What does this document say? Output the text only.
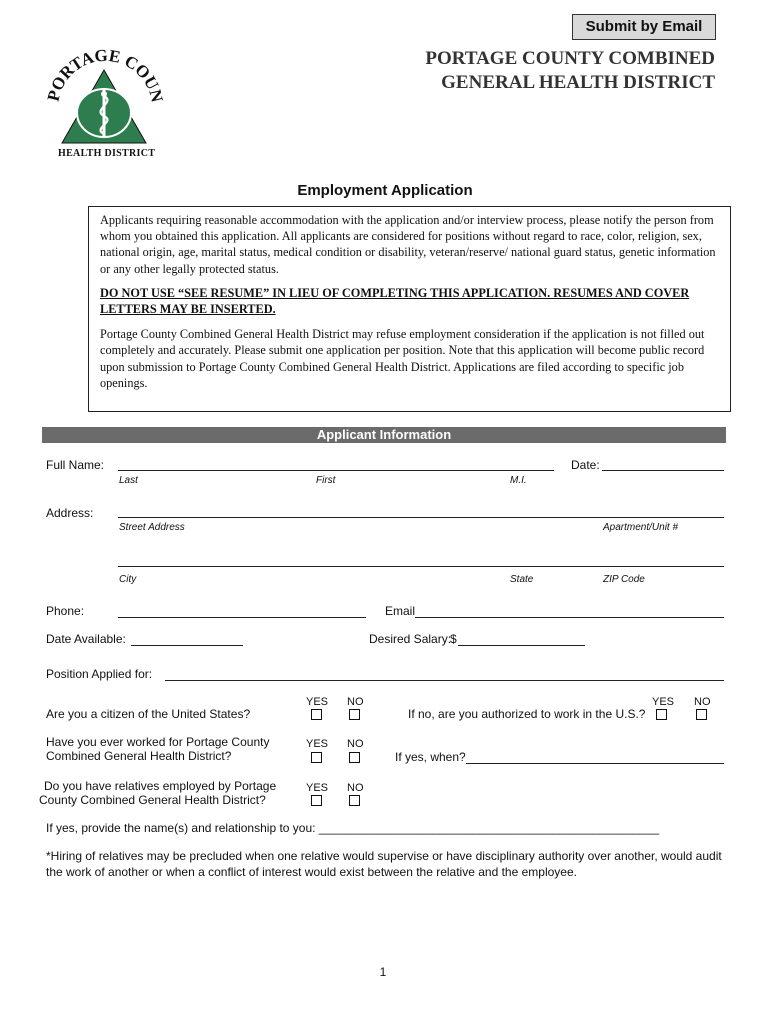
Submit by Email
PORTAGE COU
HEALTH DISTRICT
PORTAGE COUNTY COMBINED
GENERAL HEALTH DISTRICT
Employment Application
Applicants requiring reasonable accommodation with the application and/or interview process, please notify the person from whom you obtained this application. All applicants are considered for positions without regard to race, color, religion, sex, national origin, age, marital status, medical condition or disability, veteran/reserve/ national guard status, genetic information or any other legally protected status.
DO NOT USE “SEE RESUME” IN LIEU OF COMPLETING THIS APPLICATION. RESUMES AND COVER LETTERS MAY BE INSERTED.
Portage County Combined General Health District may refuse employment consideration if the application is not filled out completely and accurately. Please submit one application per position. Note that this application will become public record upon submission to Portage County Combined General Health District. Applications are filed according to specific job openings.
Applicant Information
Full Name:
Last	First	M.I.
Date:
Address:
Street Address	Apartment/Unit #
City	State	ZIP Code
Phone:	Email
Date Available:	Desired Salary:
$
Position Applied for:
Are you a citizen of the United States?
YES NO
If no, are you authorized to work in the U.S.?
YES NO
Have you ever worked for Portage County
Combined General Health District?
YES NO
If yes, when?
Do you have relatives employed by Portage
County Combined General Health District?
YES NO
If yes, provide the name(s) and relationship to you: ___________________________________________________
*Hiring of relatives may be precluded when one relative would supervise or have disciplinary authority over another, would audit the work of another or when a conflict of interest would exist between the relative and the employee.
1
